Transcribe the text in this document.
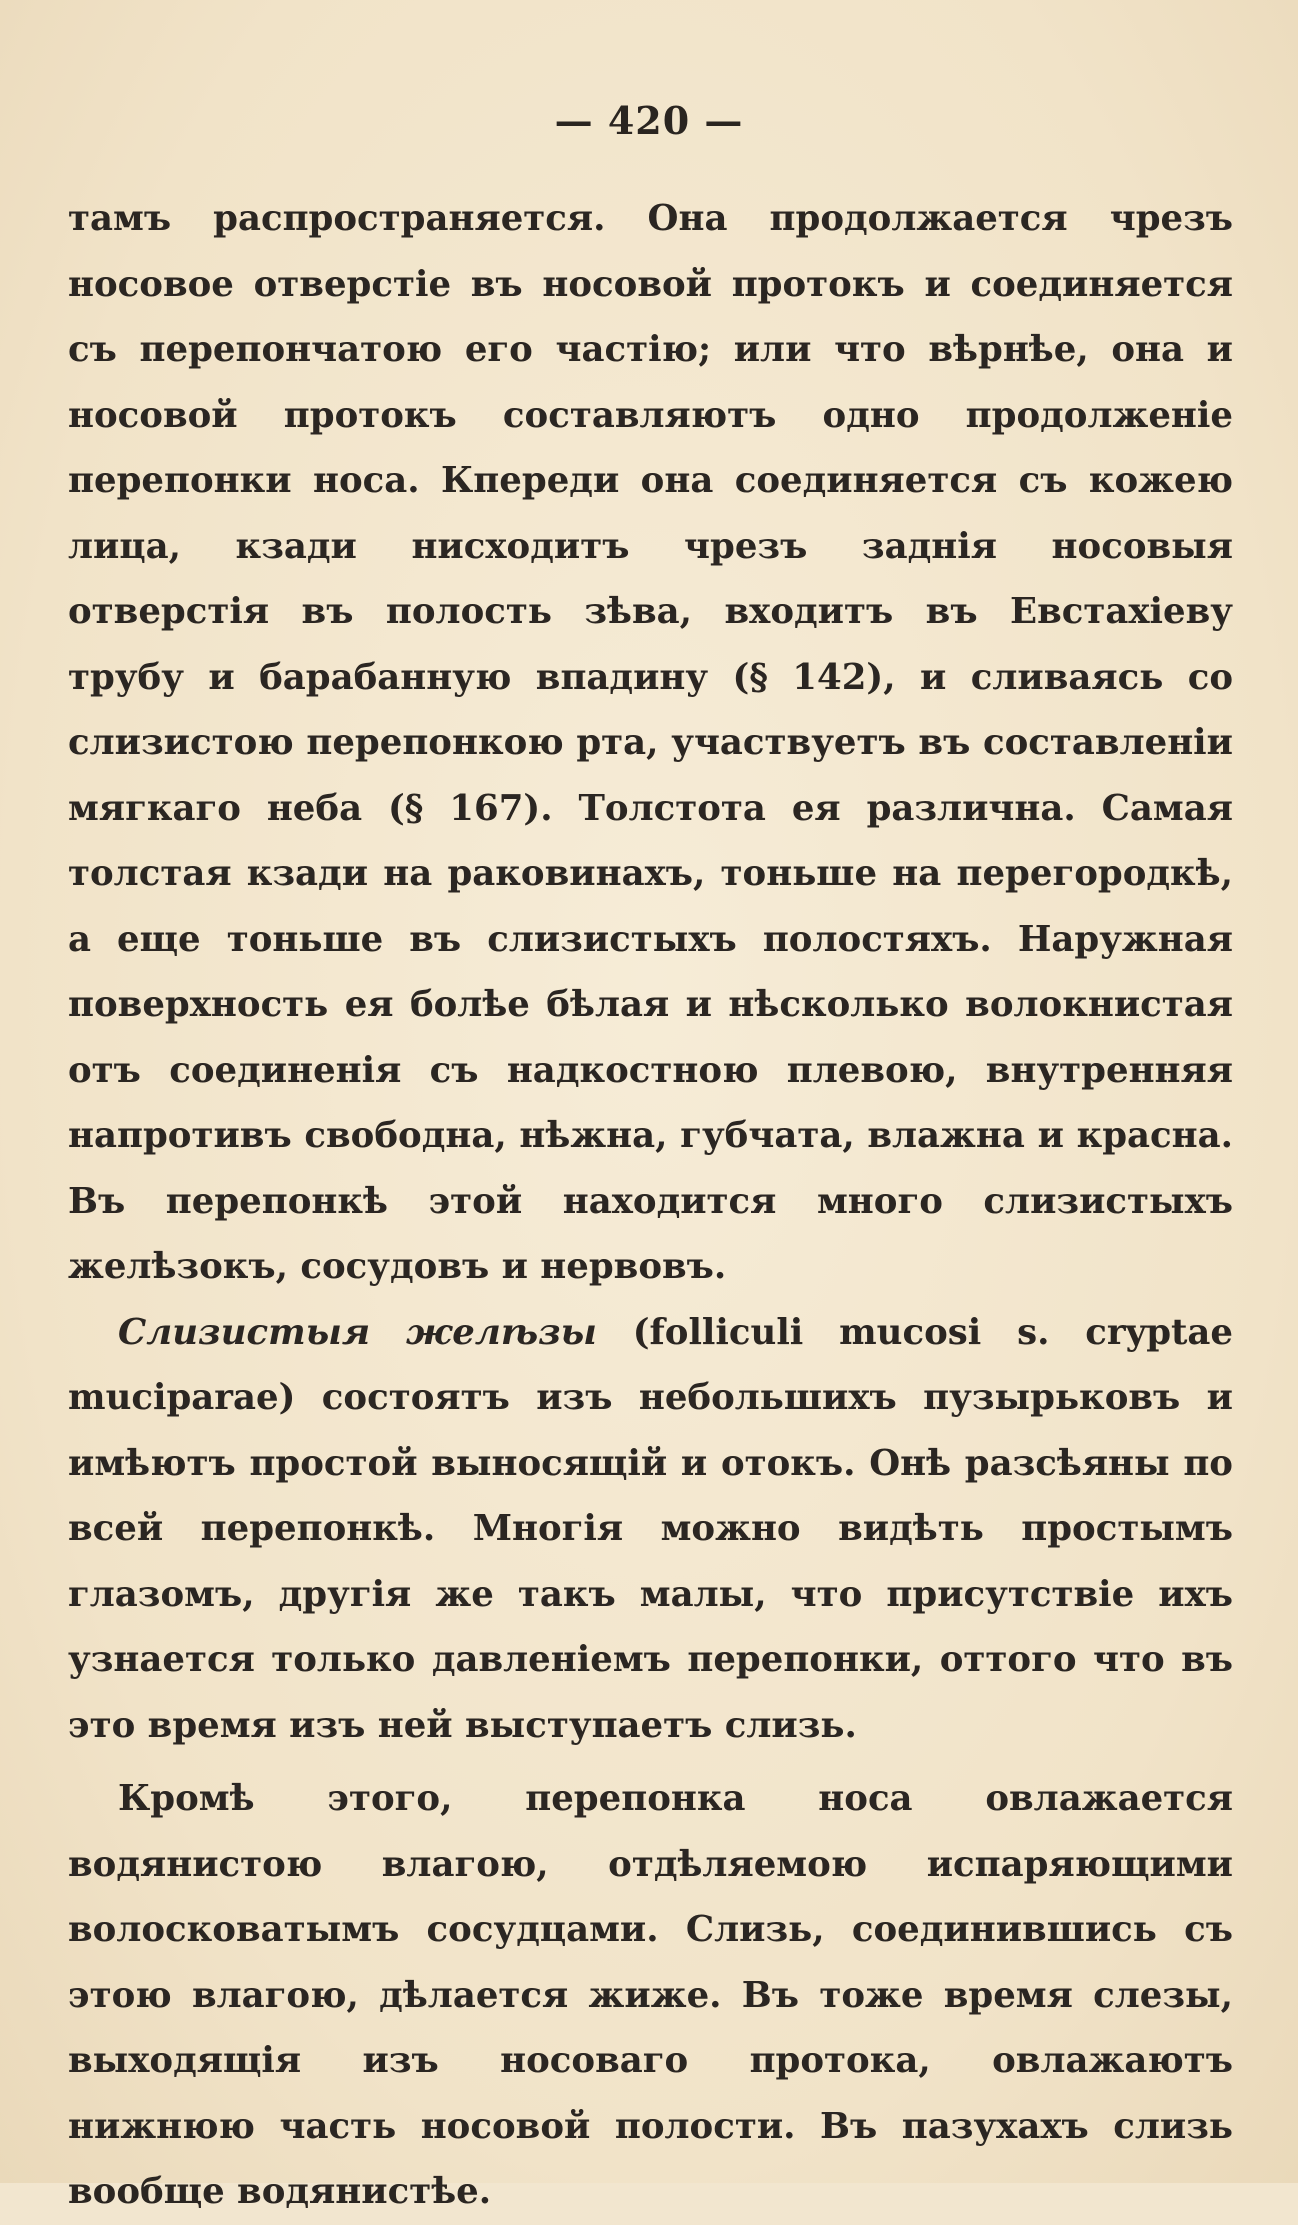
— 420 —

тамъ распространяется. Она продолжается чрезъ носовое отверстіе въ носовой протокъ и соединяется съ перепончатою его частію; или что вѣрнѣе, она и носовой протокъ составляютъ одно продолженіе перепонки носа. Кпереди она соединяется съ кожею лица, кзади нисходитъ чрезъ заднія носовыя отверстія въ полость зѣва, входитъ въ Евстахіеву трубу и барабанную впадину (§ 142), и сливаясь со слизистою перепонкою рта, участвуетъ въ составленіи мягкаго неба (§ 167). Толстота ея различна. Самая толстая кзади на раковинахъ, тоньше на перегородкѣ, а еще тоньше въ слизистыхъ полостяхъ. Наружная поверхность ея болѣе бѣлая и нѣсколько волокнистая отъ соединенія съ надкостною плевою, внутренняя напротивъ свободна, нѣжна, губчата, влажна и красна. Въ перепонкѣ этой находится много слизистыхъ желѣзокъ, сосудовъ и нервовъ.

Слизистыя желѣзы (folliculi mucosi s. cryptae muciparae) состоятъ изъ небольшихъ пузырьковъ и имѣютъ простой выносящій и отокъ. Онѣ разсѣяны по всей перепонкѣ. Многія можно видѣть простымъ глазомъ, другія же такъ малы, что присутствіе ихъ узнается только давленіемъ перепонки, оттого что въ это время изъ ней выступаетъ слизь.

Кромѣ этого, перепонка носа овлажается водянистою влагою, отдѣляемою испаряющими волосковатымъ сосудцами. Слизь, соединившись съ этою влагою, дѣлается жиже. Въ тоже время слезы, выходящія изъ носоваго протока, овлажаютъ нижнюю часть носовой полости. Въ пазухахъ слизь вообще водянистѣе.
